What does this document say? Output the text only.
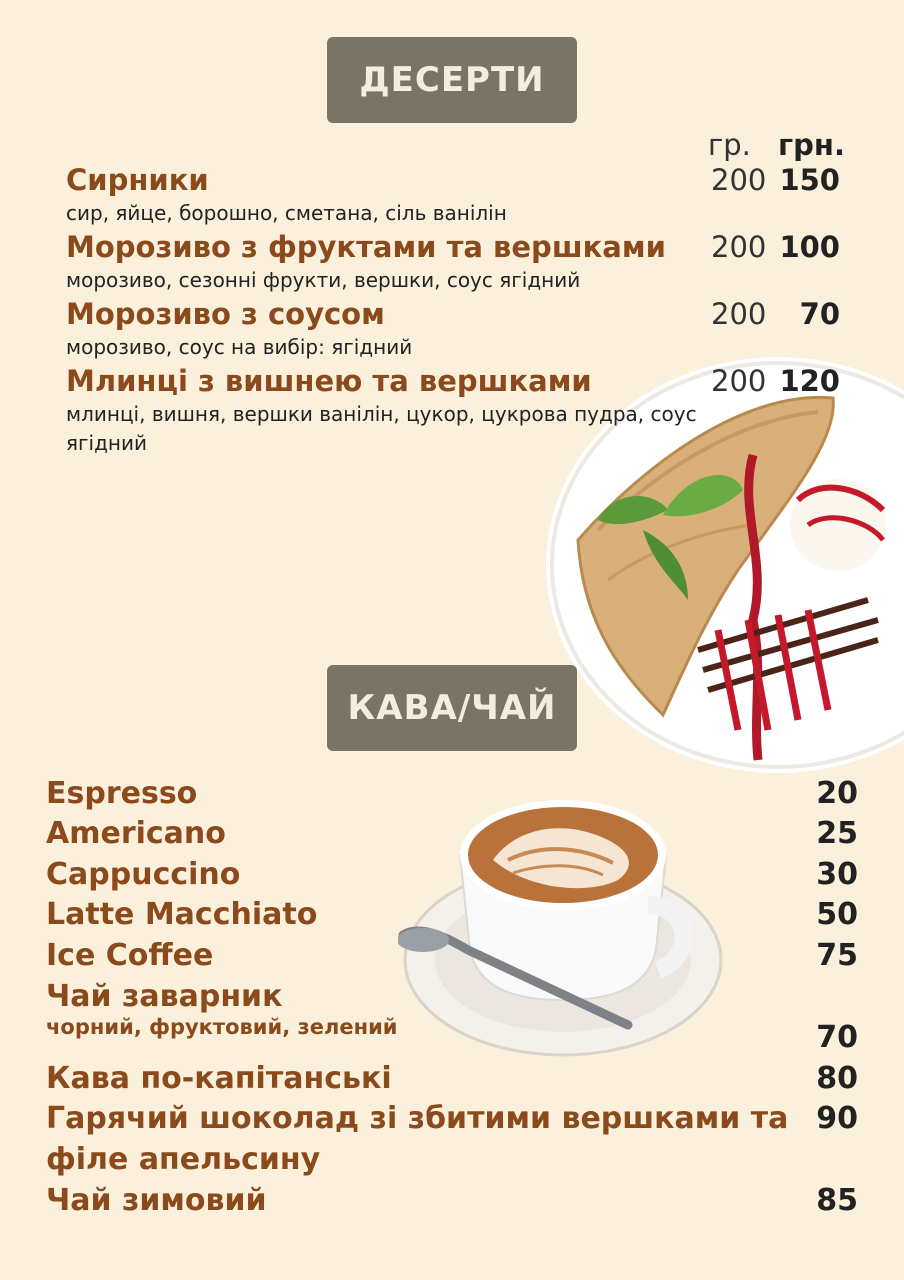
ДЕСЕРТИ
гр. грн.
Сирники	200 150
сир, яйце, борошно, сметана, сіль ванілін
Морозиво з фруктами та вершками 200 100
морозиво, сезонні фрукти, вершки, соус ягідний
Морозиво з соусом	200 70
морозиво, соус на вибір: ягідний
Млинці з вишнею та вершками	200 120
млинці, вишня, вершки ванілін, цукор, цукрова пудра, соус ягідний
КАВА/ЧАЙ
Espresso	20
Americano	25
Cappuccino	30
Latte Macchiato	50
Ice Coffee	75
Чай заварник
чорний, фруктовий, зелений	70
Кава по-капітанські	80
Гарячий шоколад зі збитими вершками та
філе апельсину
90
Чай зимовий	85
